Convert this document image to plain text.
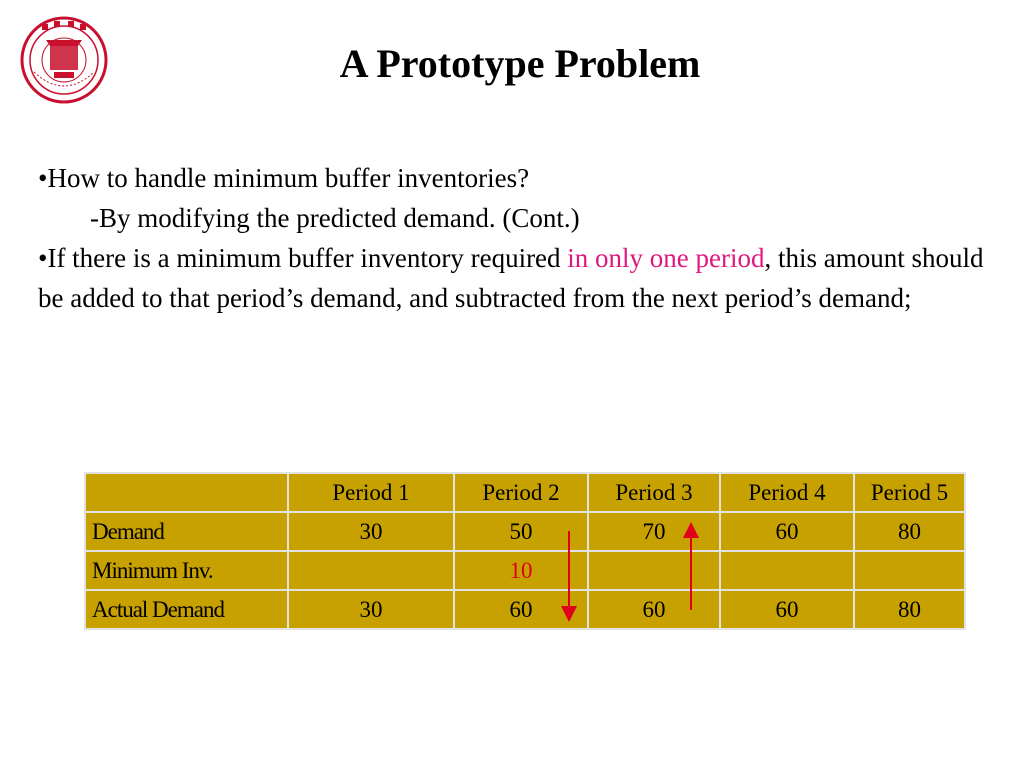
A Prototype Problem

•How to handle minimum buffer inventories?

-By modifying the predicted demand. (Cont.)

•If there is a minimum buffer inventory required in only one period, this amount should be added to that period’s demand, and subtracted from the next period’s demand;

	Period 1	Period 2	Period 3	Period 4	Period 5
Demand	30	50	70	60	80
Minimum Inv.		10			
Actual Demand	30	60	60	60	80
